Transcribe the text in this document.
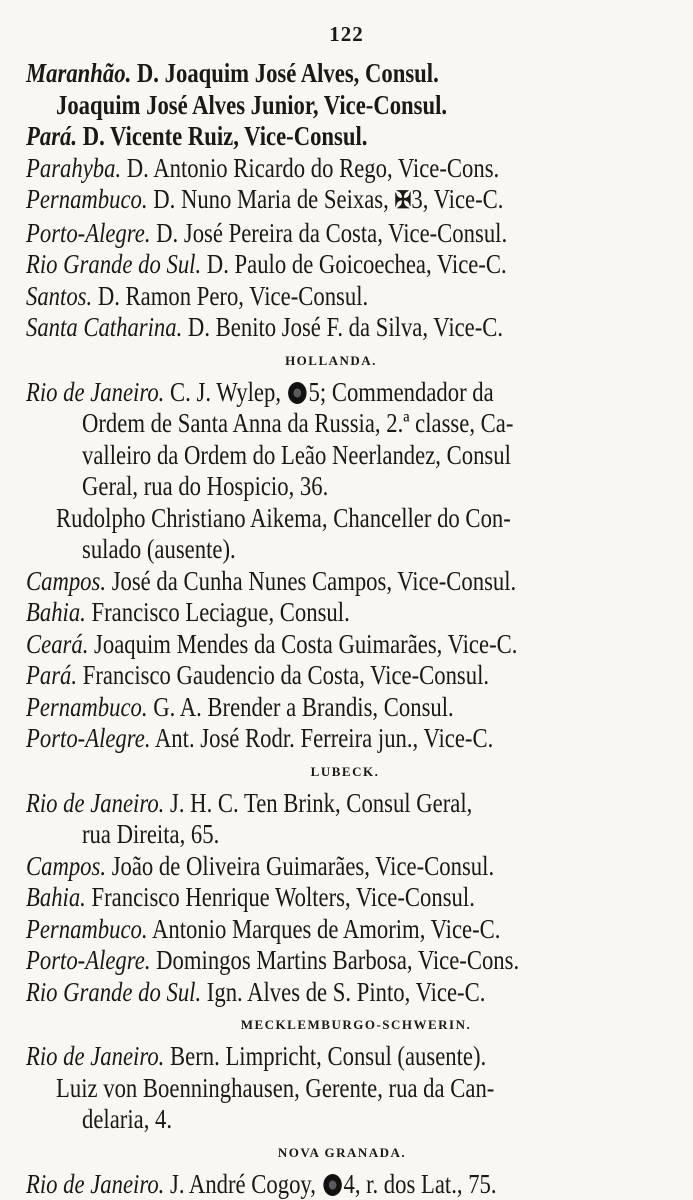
122
Maranhão. D. Joaquim José Alves, Consul.
Joaquim José Alves Junior, Vice-Consul.
Pará. D. Vicente Ruiz, Vice-Consul.
Parahyba. D. Antonio Ricardo do Rego, Vice-Cons.
Pernambuco. D. Nuno Maria de Seixas, ✠3, Vice-C.
Porto-Alegre. D. José Pereira da Costa, Vice-Consul.
Rio Grande do Sul. D. Paulo de Goicoechea, Vice-C.
Santos. D. Ramon Pero, Vice-Consul.
Santa Catharina. D. Benito José F. da Silva, Vice-C.
HOLLANDA.
Rio de Janeiro. C. J. Wylep, 5; Commendador da
Ordem de Santa Anna da Russia, 2.ª classe, Ca-
valleiro da Ordem do Leão Neerlandez, Consul
Geral, rua do Hospicio, 36.
Rudolpho Christiano Aikema, Chanceller do Con-
sulado (ausente).
Campos. José da Cunha Nunes Campos, Vice-Consul.
Bahia. Francisco Leciague, Consul.
Ceará. Joaquim Mendes da Costa Guimarães, Vice-C.
Pará. Francisco Gaudencio da Costa, Vice-Consul.
Pernambuco. G. A. Brender a Brandis, Consul.
Porto-Alegre. Ant. José Rodr. Ferreira jun., Vice-C.
LUBECK.
Rio de Janeiro. J. H. C. Ten Brink, Consul Geral,
rua Direita, 65.
Campos. João de Oliveira Guimarães, Vice-Consul.
Bahia. Francisco Henrique Wolters, Vice-Consul.
Pernambuco. Antonio Marques de Amorim, Vice-C.
Porto-Alegre. Domingos Martins Barbosa, Vice-Cons.
Rio Grande do Sul. Ign. Alves de S. Pinto, Vice-C.
MECKLEMBURGO-SCHWERIN.
Rio de Janeiro. Bern. Limpricht, Consul (ausente).
Luiz von Boenninghausen, Gerente, rua da Can-
delaria, 4.
NOVA GRANADA.
Rio de Janeiro. J. André Cogoy, 4, r. dos Lat., 75.
